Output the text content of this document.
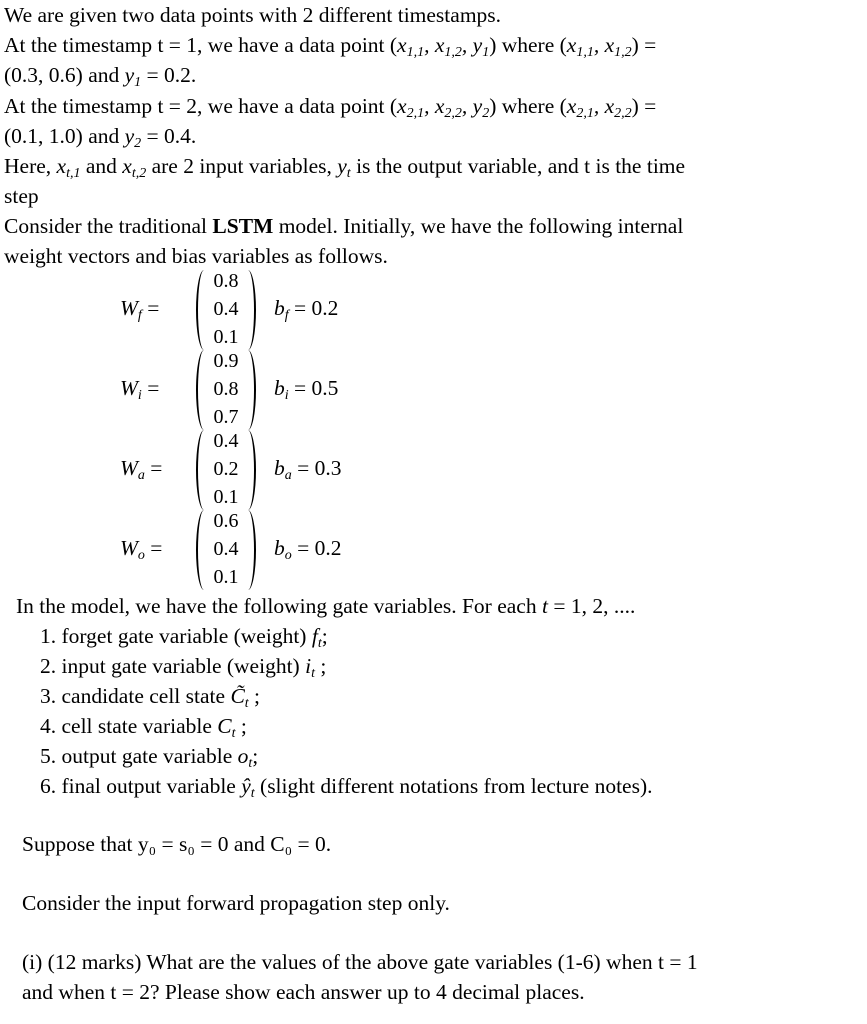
We are given two data points with 2 different timestamps.
At the timestamp t = 1, we have a data point ($x_{1,1}$, $x_{1,2}$, $y_1$) where ($x_{1,1}$, $x_{1,2}$) =
(0.3, 0.6) and $y_1 = 0.2$.
At the timestamp t = 2, we have a data point ($x_{2,1}$, $x_{2,2}$, $y_2$) where ($x_{2,1}$, $x_{2,2}$) =
(0.1, 1.0) and $y_2 = 0.4$.
Here, $x_{t,1}$ and $x_{t,2}$ are 2 input variables, $y_t$ is the output variable, and t is the time
step
Consider the traditional LSTM model. Initially, we have the following internal
weight vectors and bias variables as follows.
$W_f$ =
0.8
0.4
0.1
$b_f = 0.2$
$W_i$ =
0.9
0.8
0.7
$b_i = 0.5$
$W_a$ =
0.4
0.2
0.1
$b_a = 0.3$
$W_o$ =
0.6
0.4
0.1
$b_o = 0.2$
In the model, we have the following gate variables. For each t = 1, 2, ....
1. forget gate variable (weight) $f_t$;
2. input gate variable (weight) $i_t$ ;
3. candidate cell state $C̃_t$ ;
4. cell state variable $C_t$ ;
5. output gate variable $o_t$;
6. final output variable $ŷ_t$ (slight different notations from lecture notes).
Suppose that y₀ = s₀ = 0 and C₀ = 0.
Consider the input forward propagation step only.
(i) (12 marks) What are the values of the above gate variables (1-6) when t = 1
and when t = 2? Please show each answer up to 4 decimal places.
